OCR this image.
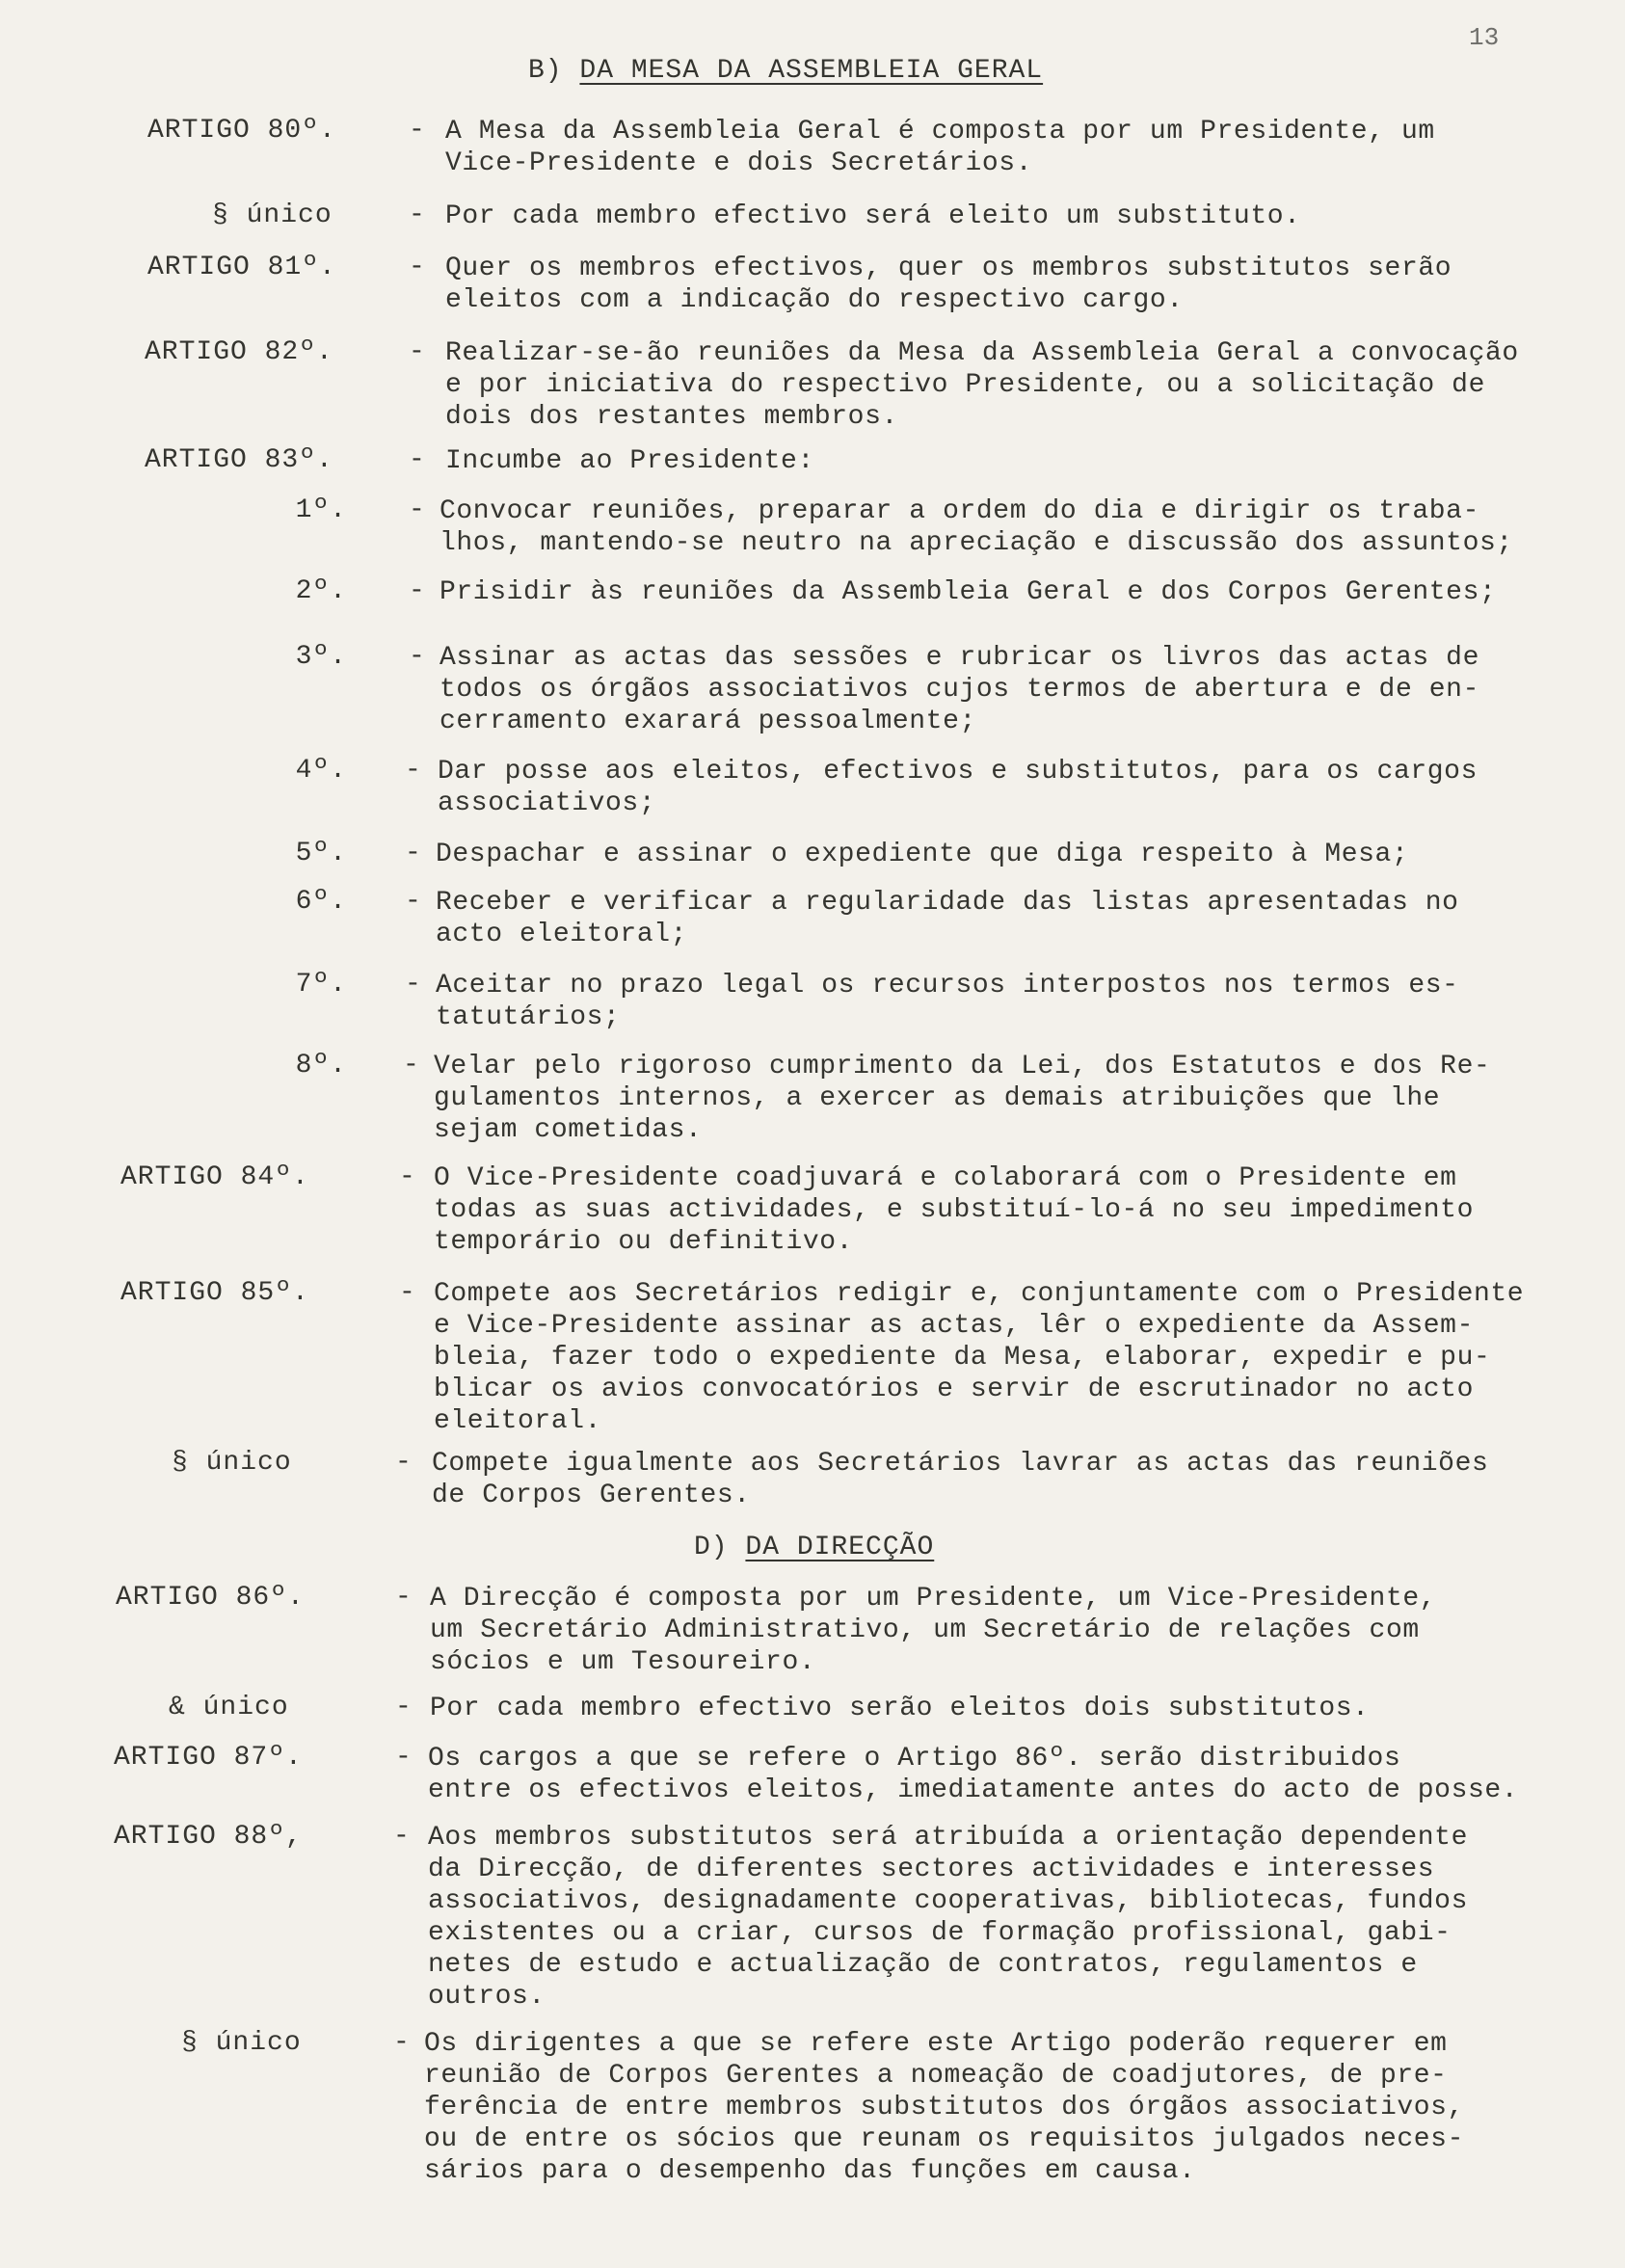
13
B) DA MESA DA ASSEMBLEIA GERAL
D) DA DIRECÇÃO
ARTIGO 80º.	- A Mesa da Assembleia Geral é composta por um Presidente, um
Vice-Presidente e dois Secretários.
§ único	- Por cada membro efectivo será eleito um substituto.
ARTIGO 81º.	- Quer os membros efectivos, quer os membros substitutos serão
eleitos com a indicação do respectivo cargo.
ARTIGO 82º.	- Realizar-se-ão reuniões da Mesa da Assembleia Geral a convocação
e por iniciativa do respectivo Presidente, ou a solicitação de
dois dos restantes membros.
ARTIGO 83º.	- Incumbe ao Presidente:
1º. - Convocar reuniões, preparar a ordem do dia e dirigir os traba-
lhos, mantendo-se neutro na apreciação e discussão dos assuntos;
2º. - Prisidir às reuniões da Assembleia Geral e dos Corpos Gerentes;
3º. - Assinar as actas das sessões e rubricar os livros das actas de
todos os órgãos associativos cujos termos de abertura e de en-
cerramento exarará pessoalmente;
4º. - Dar posse aos eleitos, efectivos e substitutos, para os cargos
associativos;
5º. - Despachar e assinar o expediente que diga respeito à Mesa;
6º. - Receber e verificar a regularidade das listas apresentadas no
acto eleitoral;
7º. - Aceitar no prazo legal os recursos interpostos nos termos es-
tatutários;
8º. - Velar pelo rigoroso cumprimento da Lei, dos Estatutos e dos Re-
gulamentos internos, a exercer as demais atribuições que lhe
sejam cometidas.
ARTIGO 84º.	- O Vice-Presidente coadjuvará e colaborará com o Presidente em
todas as suas actividades, e substituí-lo-á no seu impedimento
temporário ou definitivo.
ARTIGO 85º.	- Compete aos Secretários redigir e, conjuntamente com o Presidente
e Vice-Presidente assinar as actas, lêr o expediente da Assem-
bleia, fazer todo o expediente da Mesa, elaborar, expedir e pu-
blicar os avios convocatórios e servir de escrutinador no acto
eleitoral.
§ único	- Compete igualmente aos Secretários lavrar as actas das reuniões
de Corpos Gerentes.
ARTIGO 86º.	- A Direcção é composta por um Presidente, um Vice-Presidente,
um Secretário Administrativo, um Secretário de relações com
sócios e um Tesoureiro.
& único	- Por cada membro efectivo serão eleitos dois substitutos.
ARTIGO 87º.	- Os cargos a que se refere o Artigo 86º. serão distribuidos
entre os efectivos eleitos, imediatamente antes do acto de posse.
ARTIGO 88º,	- Aos membros substitutos será atribuída a orientação dependente
da Direcção, de diferentes sectores actividades e interesses
associativos, designadamente cooperativas, bibliotecas, fundos
existentes ou a criar, cursos de formação profissional, gabi-
netes de estudo e actualização de contratos, regulamentos e
outros.
§ único	- Os dirigentes a que se refere este Artigo poderão requerer em
reunião de Corpos Gerentes a nomeação de coadjutores, de pre-
ferência de entre membros substitutos dos órgãos associativos,
ou de entre os sócios que reunam os requisitos julgados neces-
sários para o desempenho das funções em causa.
